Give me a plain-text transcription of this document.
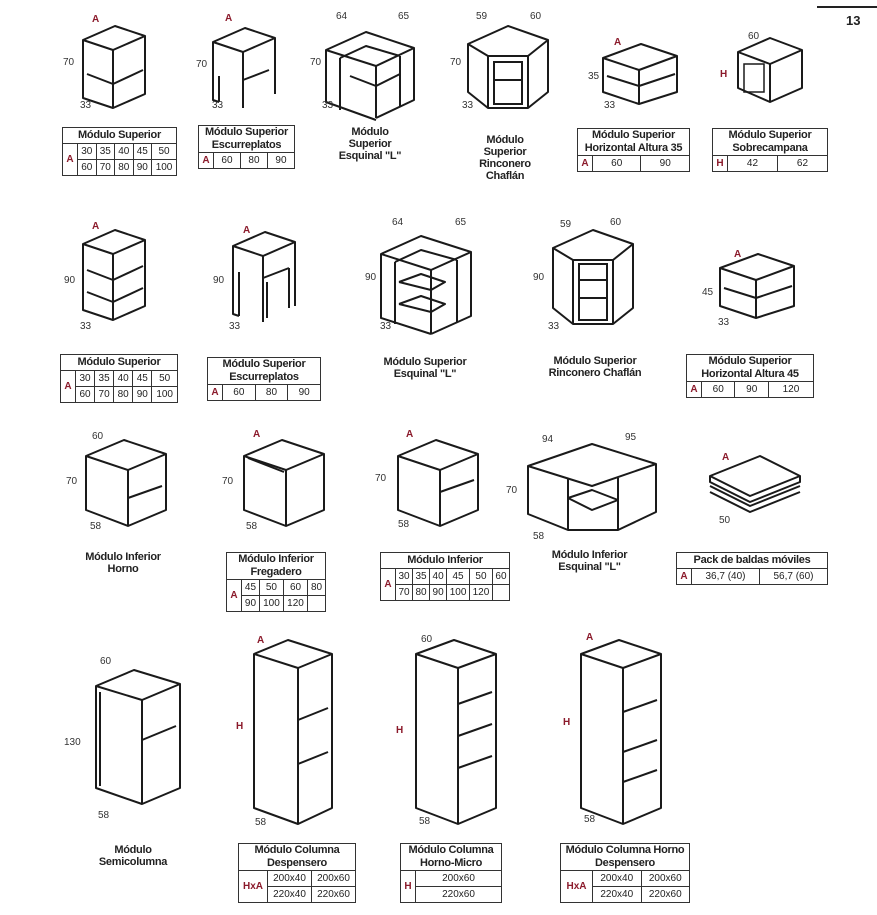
13
A
70
33
Módulo Superior					
A	30	35	40	45	50
	60	70	80	90	100
A
70
33
Módulo Superior Escurreplatos
A	60	80	90
64	65
70
33
Módulo Superior Esquinal "L"
59	60
70
33
Módulo Superior Rinconero Chaflán
A
35
33
Módulo Superior Horizontal Altura 35
A	60	90
60
H
Módulo Superior Sobrecampana
H	42	62
A
90
33
Módulo Superior					
A	30	35	40	45	50
	60	70	80	90	100
A
90
33
Módulo Superior Escurreplatos
A	60	80	90
64	65
90
33
Módulo Superior Esquinal "L"
59	60
90
33
Módulo Superior Rinconero Chaflán
A
45
33
Módulo Superior Horizontal Altura 45
A	60	90	120
60
70
58
Módulo Inferior Horno
A
70
58
Módulo Inferior Fregadero				
A	45	50	60	80
	90	100	120	
A
70
58
Módulo Inferior						
A	30	35	40	45	50	60
	70	80	90	100	120	
94	95
70
58
Módulo Inferior Esquinal "L"
A
50
Pack de baldas móviles
A	36,7 (40)	56,7 (60)
60
130
58
Módulo Semicolumna
A
H
58
Módulo Columna Despensero		
HxA	200x40	200x60
	220x40	220x60
60
H
58
Módulo Columna Horno-Micro
H	200x60
220x60
A
H
58
Módulo Columna Horno Despensero		
HxA	200x40	200x60
	220x40	220x60
